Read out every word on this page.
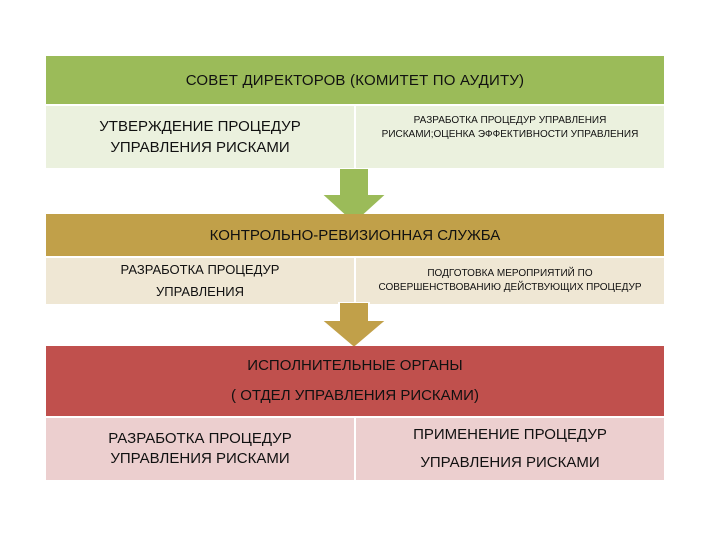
СОВЕТ ДИРЕКТОРОВ (КОМИТЕТ ПО АУДИТУ)
УТВЕРЖДЕНИЕ ПРОЦЕДУР
УПРАВЛЕНИЯ РИСКАМИ
РАЗРАБОТКА ПРОЦЕДУР УПРАВЛЕНИЯ
РИСКАМИ;ОЦЕНКА ЭФФЕКТИВНОСТИ УПРАВЛЕНИЯ
КОНТРОЛЬНО-РЕВИЗИОННАЯ СЛУЖБА
РАЗРАБОТКА ПРОЦЕДУР
УПРАВЛЕНИЯ
ПОДГОТОВКА МЕРОПРИЯТИЙ ПО
СОВЕРШЕНСТВОВАНИЮ ДЕЙСТВУЮЩИХ ПРОЦЕДУР
ИСПОЛНИТЕЛЬНЫЕ ОРГАНЫ
( ОТДЕЛ УПРАВЛЕНИЯ РИСКАМИ)
РАЗРАБОТКА ПРОЦЕДУР
УПРАВЛЕНИЯ РИСКАМИ
ПРИМЕНЕНИЕ ПРОЦЕДУР
УПРАВЛЕНИЯ РИСКАМИ
